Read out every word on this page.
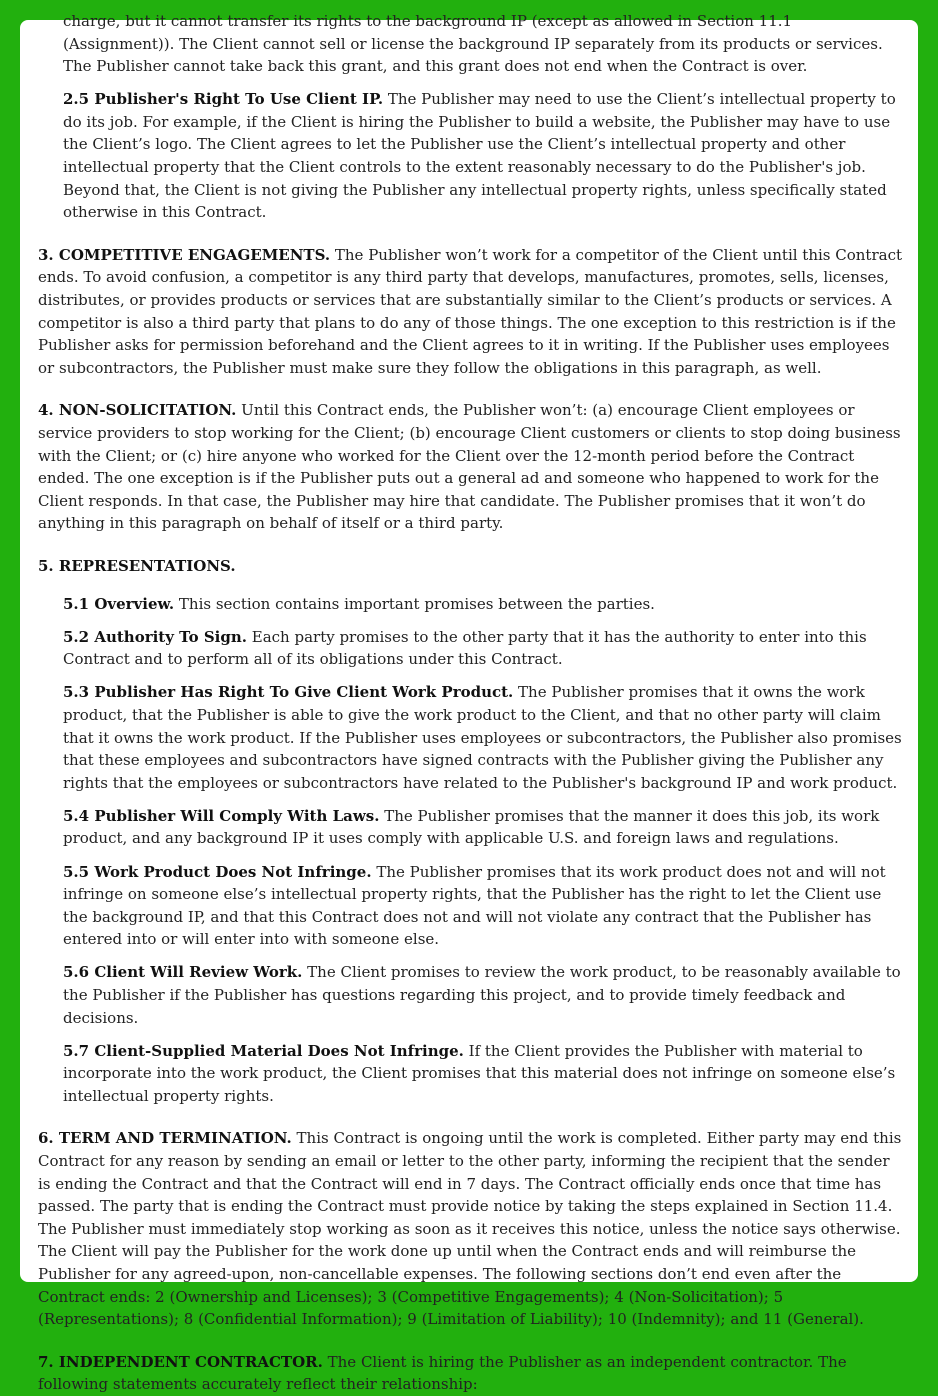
charge, but it cannot transfer its rights to the background IP (except as allowed in Section 11.1 (Assignment)). The Client cannot sell or license the background IP separately from its products or services. The Publisher cannot take back this grant, and this grant does not end when the Contract is over.

2.5 Publisher's Right To Use Client IP. The Publisher may need to use the Client’s intellectual property to do its job. For example, if the Client is hiring the Publisher to build a website, the Publisher may have to use the Client’s logo. The Client agrees to let the Publisher use the Client’s intellectual property and other intellectual property that the Client controls to the extent reasonably necessary to do the Publisher's job. Beyond that, the Client is not giving the Publisher any intellectual property rights, unless specifically stated otherwise in this Contract.

3. COMPETITIVE ENGAGEMENTS. The Publisher won’t work for a competitor of the Client until this Contract ends. To avoid confusion, a competitor is any third party that develops, manufactures, promotes, sells, licenses, distributes, or provides products or services that are substantially similar to the Client’s products or services. A competitor is also a third party that plans to do any of those things. The one exception to this restriction is if the Publisher asks for permission beforehand and the Client agrees to it in writing. If the Publisher uses employees or subcontractors, the Publisher must make sure they follow the obligations in this paragraph, as well.

4. NON-SOLICITATION. Until this Contract ends, the Publisher won’t: (a) encourage Client employees or service providers to stop working for the Client; (b) encourage Client customers or clients to stop doing business with the Client; or (c) hire anyone who worked for the Client over the 12-month period before the Contract ended. The one exception is if the Publisher puts out a general ad and someone who happened to work for the Client responds. In that case, the Publisher may hire that candidate. The Publisher promises that it won’t do anything in this paragraph on behalf of itself or a third party.

5. REPRESENTATIONS.

5.1 Overview. This section contains important promises between the parties.

5.2 Authority To Sign. Each party promises to the other party that it has the authority to enter into this Contract and to perform all of its obligations under this Contract.

5.3 Publisher Has Right To Give Client Work Product. The Publisher promises that it owns the work product, that the Publisher is able to give the work product to the Client, and that no other party will claim that it owns the work product. If the Publisher uses employees or subcontractors, the Publisher also promises that these employees and subcontractors have signed contracts with the Publisher giving the Publisher any rights that the employees or subcontractors have related to the Publisher's background IP and work product.

5.4 Publisher Will Comply With Laws. The Publisher promises that the manner it does this job, its work product, and any background IP it uses comply with applicable U.S. and foreign laws and regulations.

5.5 Work Product Does Not Infringe. The Publisher promises that its work product does not and will not infringe on someone else’s intellectual property rights, that the Publisher has the right to let the Client use the background IP, and that this Contract does not and will not violate any contract that the Publisher has entered into or will enter into with someone else.

5.6 Client Will Review Work. The Client promises to review the work product, to be reasonably available to the Publisher if the Publisher has questions regarding this project, and to provide timely feedback and decisions.

5.7 Client-Supplied Material Does Not Infringe. If the Client provides the Publisher with material to incorporate into the work product, the Client promises that this material does not infringe on someone else’s intellectual property rights.

6. TERM AND TERMINATION. This Contract is ongoing until the work is completed. Either party may end this Contract for any reason by sending an email or letter to the other party, informing the recipient that the sender is ending the Contract and that the Contract will end in 7 days. The Contract officially ends once that time has passed. The party that is ending the Contract must provide notice by taking the steps explained in Section 11.4. The Publisher must immediately stop working as soon as it receives this notice, unless the notice says otherwise. The Client will pay the Publisher for the work done up until when the Contract ends and will reimburse the Publisher for any agreed-upon, non-cancellable expenses. The following sections don’t end even after the Contract ends: 2 (Ownership and Licenses); 3 (Competitive Engagements); 4 (Non-Solicitation); 5 (Representations); 8 (Confidential Information); 9 (Limitation of Liability); 10 (Indemnity); and 11 (General).

7. INDEPENDENT CONTRACTOR. The Client is hiring the Publisher as an independent contractor. The following statements accurately reflect their relationship:
